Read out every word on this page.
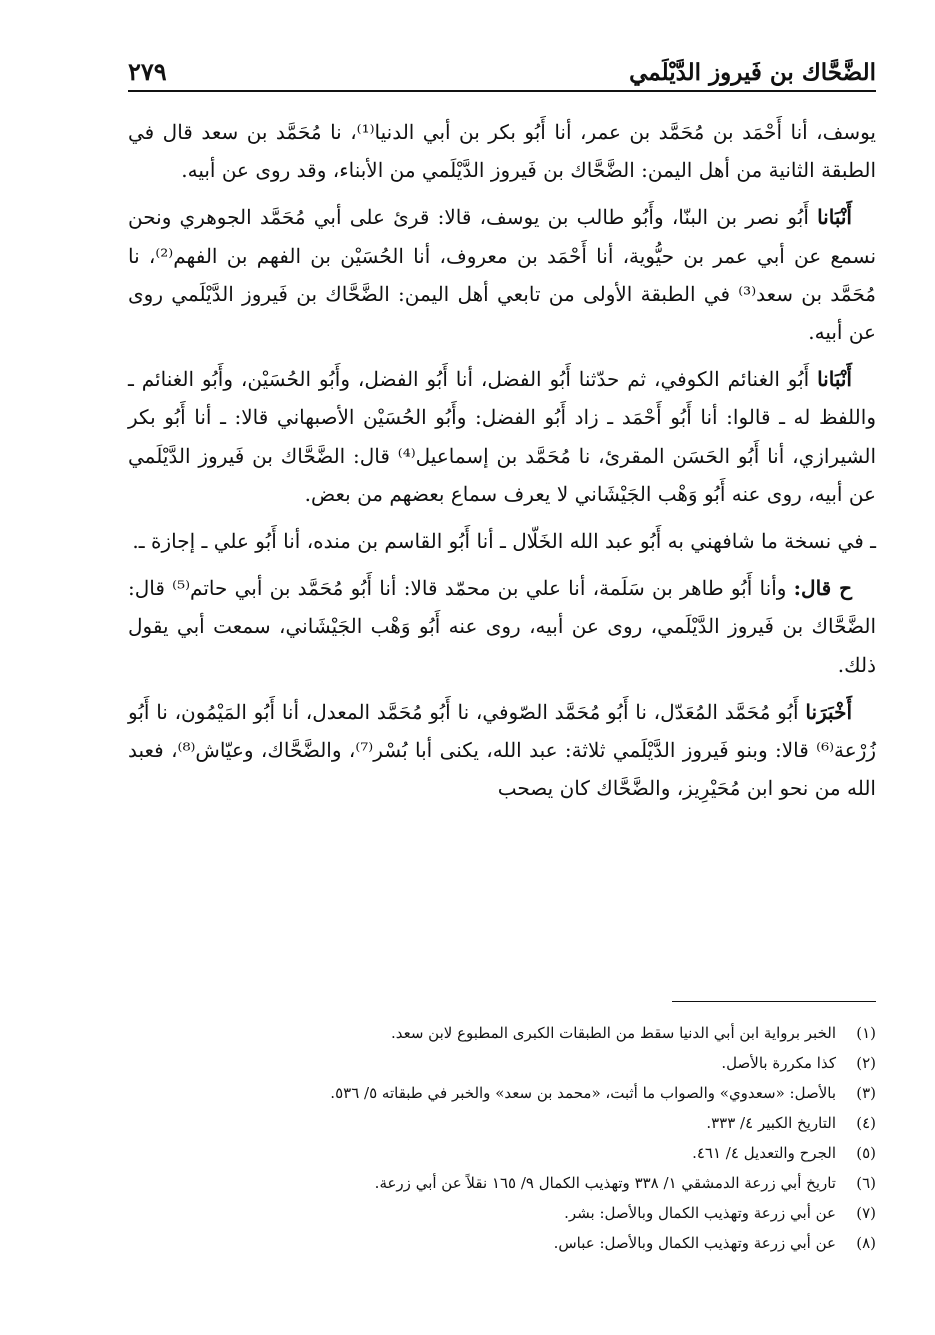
الضَّحَّاك بن فَيروز الدَّيْلَمي
٢٧٩

يوسف، أنا أَحْمَد بن مُحَمَّد بن عمر، أنا أَبُو بكر بن أبي الدنيا⁽¹⁾، نا مُحَمَّد بن سعد قال في الطبقة الثانية من أهل اليمن: الضَّحَّاك بن فَيروز الدَّيْلَمي من الأبناء، وقد روى عن أبيه.

أَنْبَانا أَبُو نصر بن البنّا، وأَبُو طالب بن يوسف، قالا: قرئ على أبي مُحَمَّد الجوهري ونحن نسمع عن أبي عمر بن حيُّوية، أنا أَحْمَد بن معروف، أنا الحُسَيْن بن الفهم بن الفهم⁽²⁾، نا مُحَمَّد بن سعد⁽³⁾ في الطبقة الأولى من تابعي أهل اليمن: الضَّحَّاك بن فَيروز الدَّيْلَمي روى عن أبيه.

أَنْبَانا أَبُو الغنائم الكوفي، ثم حدّثنا أَبُو الفضل، أنا أَبُو الفضل، وأَبُو الحُسَيْن، وأَبُو الغنائم ـ واللفظ له ـ قالوا: أنا أَبُو أَحْمَد ـ زاد أَبُو الفضل: وأَبُو الحُسَيْن الأصبهاني قالا: ـ أنا أَبُو بكر الشيرازي، أنا أَبُو الحَسَن المقرئ، نا مُحَمَّد بن إسماعيل⁽⁴⁾ قال: الضَّحَّاك بن فَيروز الدَّيْلَمي عن أبيه، روى عنه أَبُو وَهْب الجَيْشَاني لا يعرف سماع بعضهم من بعض.

ـ في نسخة ما شافهني به أَبُو عبد الله الخَلّال ـ أنا أَبُو القاسم بن منده، أنا أَبُو علي ـ إجازة ـ.

ح قال: وأنا أَبُو طاهر بن سَلَمة، أنا علي بن محمّد قالا: أنا أَبُو مُحَمَّد بن أبي حاتم⁽⁵⁾ قال: الضَّحَّاك بن فَيروز الدَّيْلَمي، روى عن أبيه، روى عنه أَبُو وَهْب الجَيْشَاني، سمعت أبي يقول ذلك.

أَخْبَرَنا أَبُو مُحَمَّد المُعَدّل، نا أَبُو مُحَمَّد الصّوفي، نا أَبُو مُحَمَّد المعدل، أنا أَبُو المَيْمُون، نا أَبُو زُرْعة⁽⁶⁾ قالا: وبنو فَيروز الدَّيْلَمي ثلاثة: عبد الله، يكنى أبا بُسْر⁽⁷⁾، والضَّحَّاك، وعيّاش⁽⁸⁾، فعبد الله من نحو ابن مُحَيْرِيز، والضَّحَّاك كان يصحب

(١)
الخبر برواية ابن أبي الدنيا سقط من الطبقات الكبرى المطبوع لابن سعد.
(٢)
كذا مكررة بالأصل.
(٣)
بالأصل: «سعدوي» والصواب ما أثبت، «محمد بن سعد» والخبر في طبقاته ٥/ ٥٣٦.
(٤)
التاريخ الكبير ٤/ ٣٣٣.
(٥)
الجرح والتعديل ٤/ ٤٦١.
(٦)
تاريخ أبي زرعة الدمشقي ١/ ٣٣٨ وتهذيب الكمال ٩/ ١٦٥ نقلاً عن أبي زرعة.
(٧)
عن أبي زرعة وتهذيب الكمال وبالأصل: بشر.
(٨)
عن أبي زرعة وتهذيب الكمال وبالأصل: عباس.
